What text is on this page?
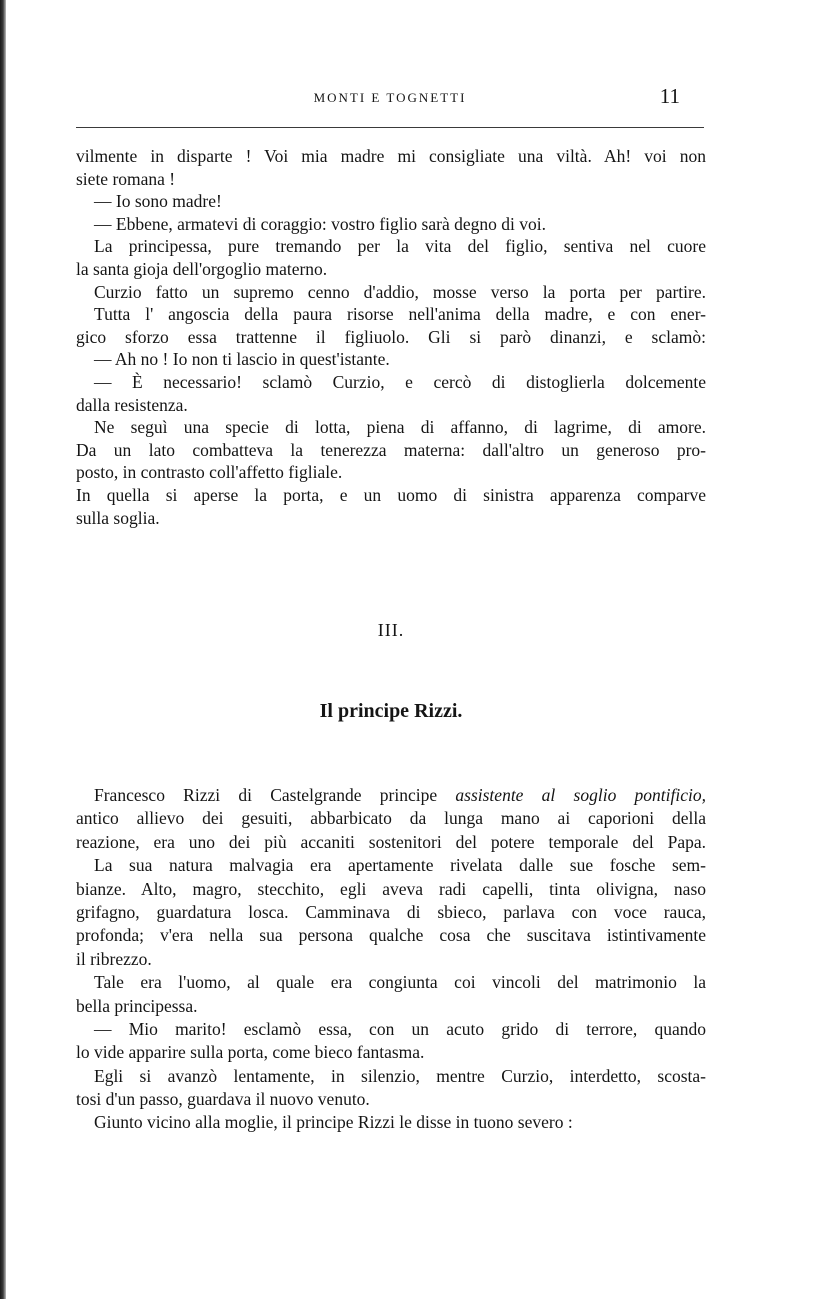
MONTI E TOGNETTI	11
vilmente in disparte ! Voi mia madre mi consigliate una viltà. Ah! voi non
siete romana !
— Io sono madre!
— Ebbene, armatevi di coraggio: vostro figlio sarà degno di voi.
La principessa, pure tremando per la vita del figlio, sentiva nel cuore
la santa gioja dell'orgoglio materno.
Curzio fatto un supremo cenno d'addio, mosse verso la porta per partire.
Tutta l' angoscia della paura risorse nell'anima della madre, e con ener-
gico sforzo essa trattenne il figliuolo. Gli si parò dinanzi, e sclamò:
— Ah no ! Io non ti lascio in quest'istante.
— È necessario! sclamò Curzio, e cercò di distoglierla dolcemente
dalla resistenza.
Ne seguì una specie di lotta, piena di affanno, di lagrime, di amore.
Da un lato combatteva la tenerezza materna: dall'altro un generoso pro-
posto, in contrasto coll'affetto figliale.
In quella si aperse la porta, e un uomo di sinistra apparenza comparve
sulla soglia.
III.
Il principe Rizzi.
Francesco Rizzi di Castelgrande principe assistente al soglio pontificio,
antico allievo dei gesuiti, abbarbicato da lunga mano ai caporioni della
reazione, era uno dei più accaniti sostenitori del potere temporale del Papa.
La sua natura malvagia era apertamente rivelata dalle sue fosche sem-
bianze. Alto, magro, stecchito, egli aveva radi capelli, tinta olivigna, naso
grifagno, guardatura losca. Camminava di sbieco, parlava con voce rauca,
profonda; v'era nella sua persona qualche cosa che suscitava istintivamente
il ribrezzo.
Tale era l'uomo, al quale era congiunta coi vincoli del matrimonio la
bella principessa.
— Mio marito! esclamò essa, con un acuto grido di terrore, quando
lo vide apparire sulla porta, come bieco fantasma.
Egli si avanzò lentamente, in silenzio, mentre Curzio, interdetto, scosta-
tosi d'un passo, guardava il nuovo venuto.
Giunto vicino alla moglie, il principe Rizzi le disse in tuono severo :
